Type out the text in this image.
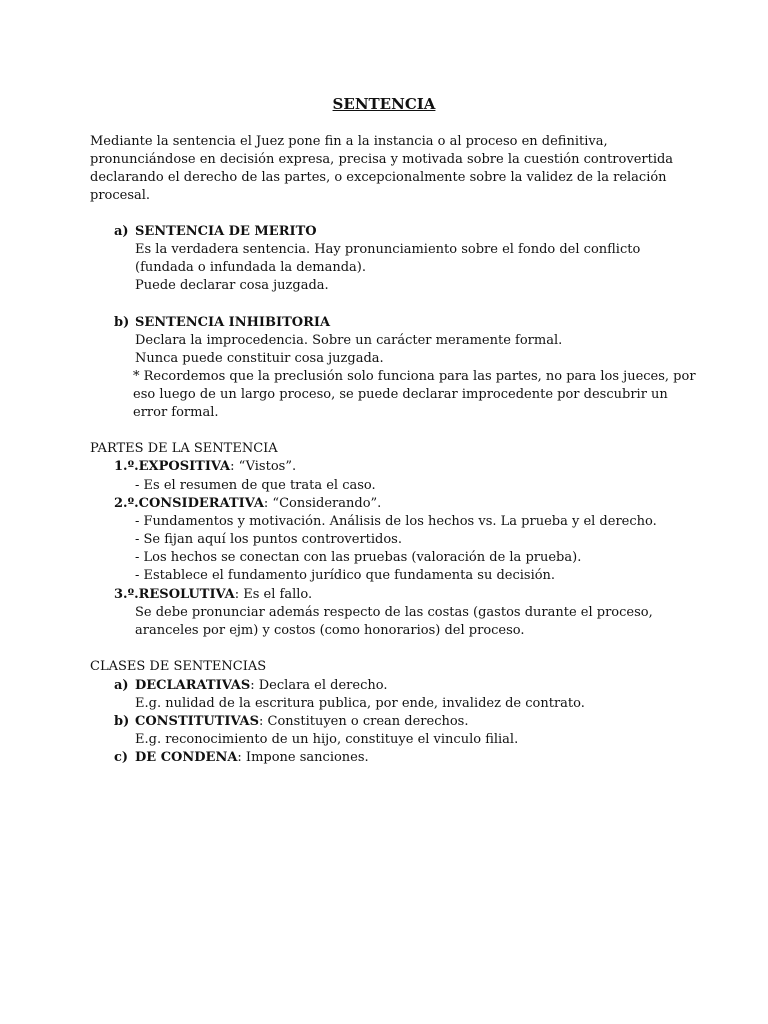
SENTENCIA
Mediante la sentencia el Juez pone fin a la instancia o al proceso en definitiva,
pronunciándose en decisión expresa, precisa y motivada sobre la cuestión controvertida
declarando el derecho de las partes, o excepcionalmente sobre la validez de la relación
procesal.
a) SENTENCIA DE MERITO
Es la verdadera sentencia. Hay pronunciamiento sobre el fondo del conflicto
(fundada o infundada la demanda).
Puede declarar cosa juzgada.
b) SENTENCIA INHIBITORIA
Declara la improcedencia. Sobre un carácter meramente formal.
Nunca puede constituir cosa juzgada.
* Recordemos que la preclusión solo funciona para las partes, no para los jueces, por
eso luego de un largo proceso, se puede declarar improcedente por descubrir un
error formal.
PARTES DE LA SENTENCIA
1.º.EXPOSITIVA: “Vistos”.
- Es el resumen de que trata el caso.
2.º.CONSIDERATIVA: “Considerando”.
- Fundamentos y motivación. Análisis de los hechos vs. La prueba y el derecho.
- Se fijan aquí los puntos controvertidos.
- Los hechos se conectan con las pruebas (valoración de la prueba).
- Establece el fundamento jurídico que fundamenta su decisión.
3.º.RESOLUTIVA: Es el fallo.
Se debe pronunciar además respecto de las costas (gastos durante el proceso,
aranceles por ejm) y costos (como honorarios) del proceso.
CLASES DE SENTENCIAS
a) DECLARATIVAS: Declara el derecho.
E.g. nulidad de la escritura publica, por ende, invalidez de contrato.
b) CONSTITUTIVAS: Constituyen o crean derechos.
E.g. reconocimiento de un hijo, constituye el vinculo filial.
c) DE CONDENA: Impone sanciones.
